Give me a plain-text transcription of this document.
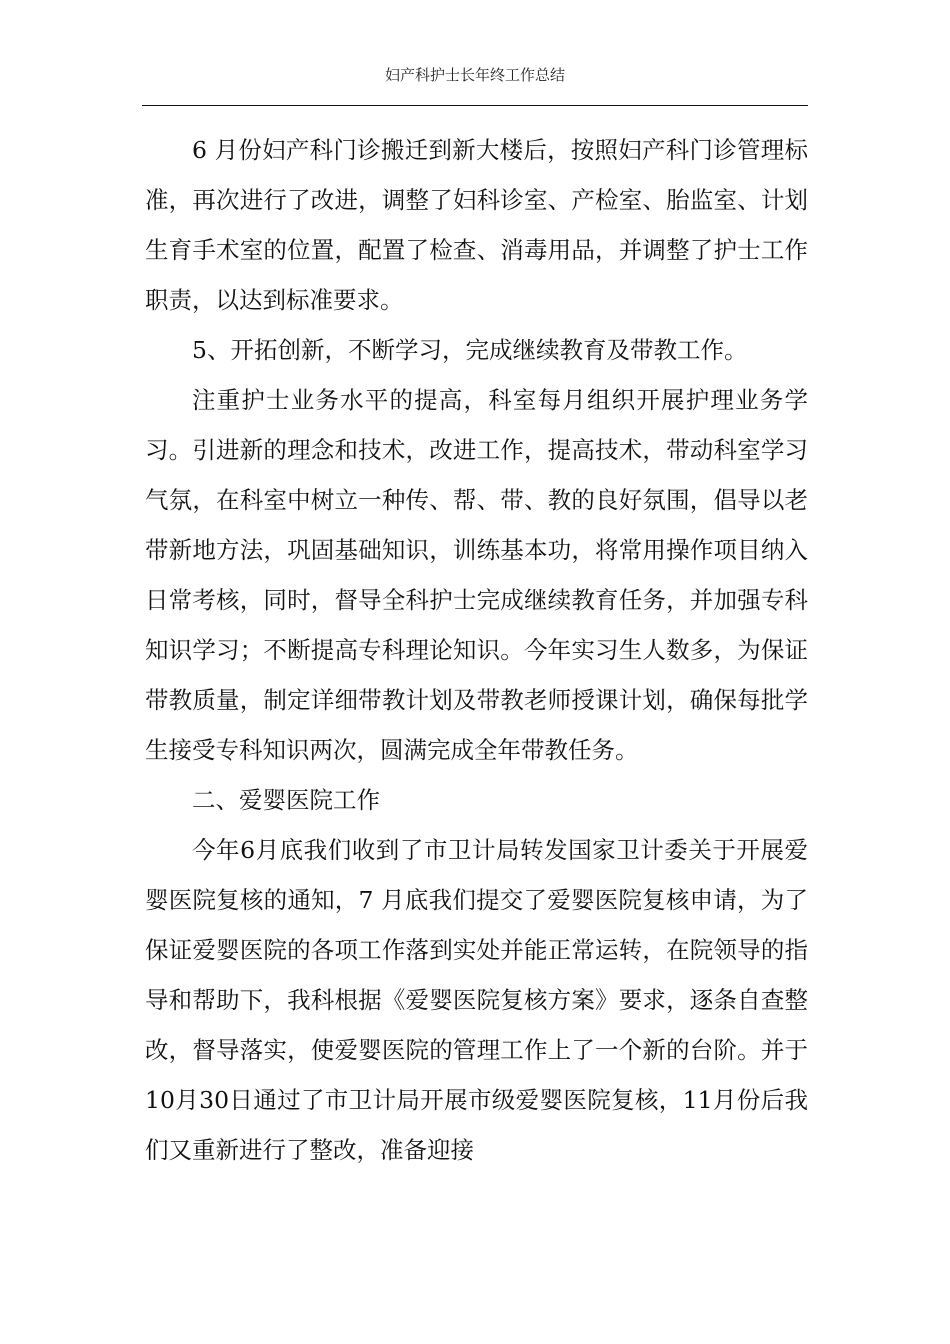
妇产科护士长年终工作总结

6 月份妇产科门诊搬迁到新大楼后，按照妇产科门诊管理标准，再次进行了改进，调整了妇科诊室、产检室、胎监室、计划生育手术室的位置，配置了检查、消毒用品，并调整了护士工作职责，以达到标准要求。

5、开拓创新，不断学习，完成继续教育及带教工作。

注重护士业务水平的提高，科室每月组织开展护理业务学习。引进新的理念和技术，改进工作，提高技术，带动科室学习气氛，在科室中树立一种传、帮、带、教的良好氛围，倡导以老带新地方法，巩固基础知识，训练基本功，将常用操作项目纳入日常考核，同时，督导全科护士完成继续教育任务，并加强专科知识学习；不断提高专科理论知识。今年实习生人数多，为保证带教质量，制定详细带教计划及带教老师授课计划，确保每批学生接受专科知识两次，圆满完成全年带教任务。

二、爱婴医院工作

今年6月底我们收到了市卫计局转发国家卫计委关于开展爱婴医院复核的通知，7 月底我们提交了爱婴医院复核申请，为了保证爱婴医院的各项工作落到实处并能正常运转，在院领导的指导和帮助下，我科根据《爱婴医院复核方案》要求，逐条自查整改，督导落实，使爱婴医院的管理工作上了一个新的台阶。并于10月30日通过了市卫计局开展市级爱婴医院复核，11月份后我们又重新进行了整改，准备迎接
